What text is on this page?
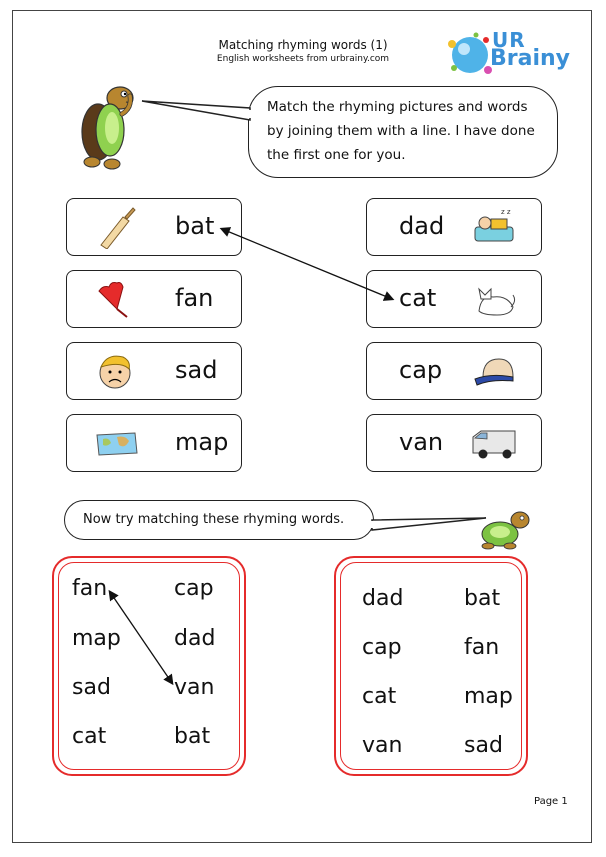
Matching rhyming words (1)
English worksheets from urbrainy.com
UR
Brainy
Match the rhyming pictures and words
by joining them with a line. I have done
the first one for you.
bat
fan
sad
map
dad	z z
cat
cap
van
Now try matching these rhyming words.
fan
map
sad
cat
cap
dad
van
bat
dad
cap
cat
van
bat
fan
map
sad
Page 1
